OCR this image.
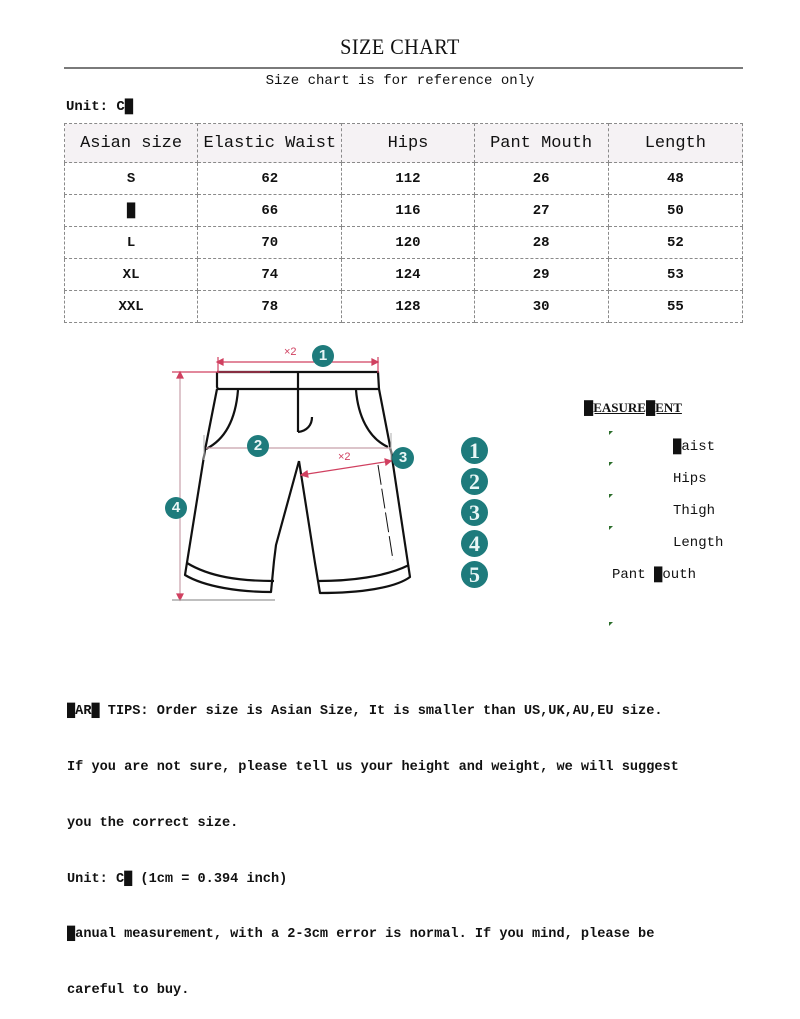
SIZE CHART
Size chart is for reference only
Unit: C█
Asian size	Elastic Waist	Hips	Pant Mouth	Length
S	62	112	26	48
█	66	116	27	50
L	70	120	28	52
XL	74	124	29	53
XXL	78	128	30	55
×2
×2
1
2
3
4
1
2
3
4
5
█EASURE█ENT
█aist
Hips
Thigh
Length
Pant █outh

█AR█ TIPS: Order size is Asian Size, It is smaller than US,UK,AU,EU size.

If you are not sure, please tell us your height and weight, we will suggest

you the correct size.

Unit: C█ (1cm = 0.394 inch)

█anual measurement, with a 2-3cm error is normal. If you mind, please be

careful to buy.
